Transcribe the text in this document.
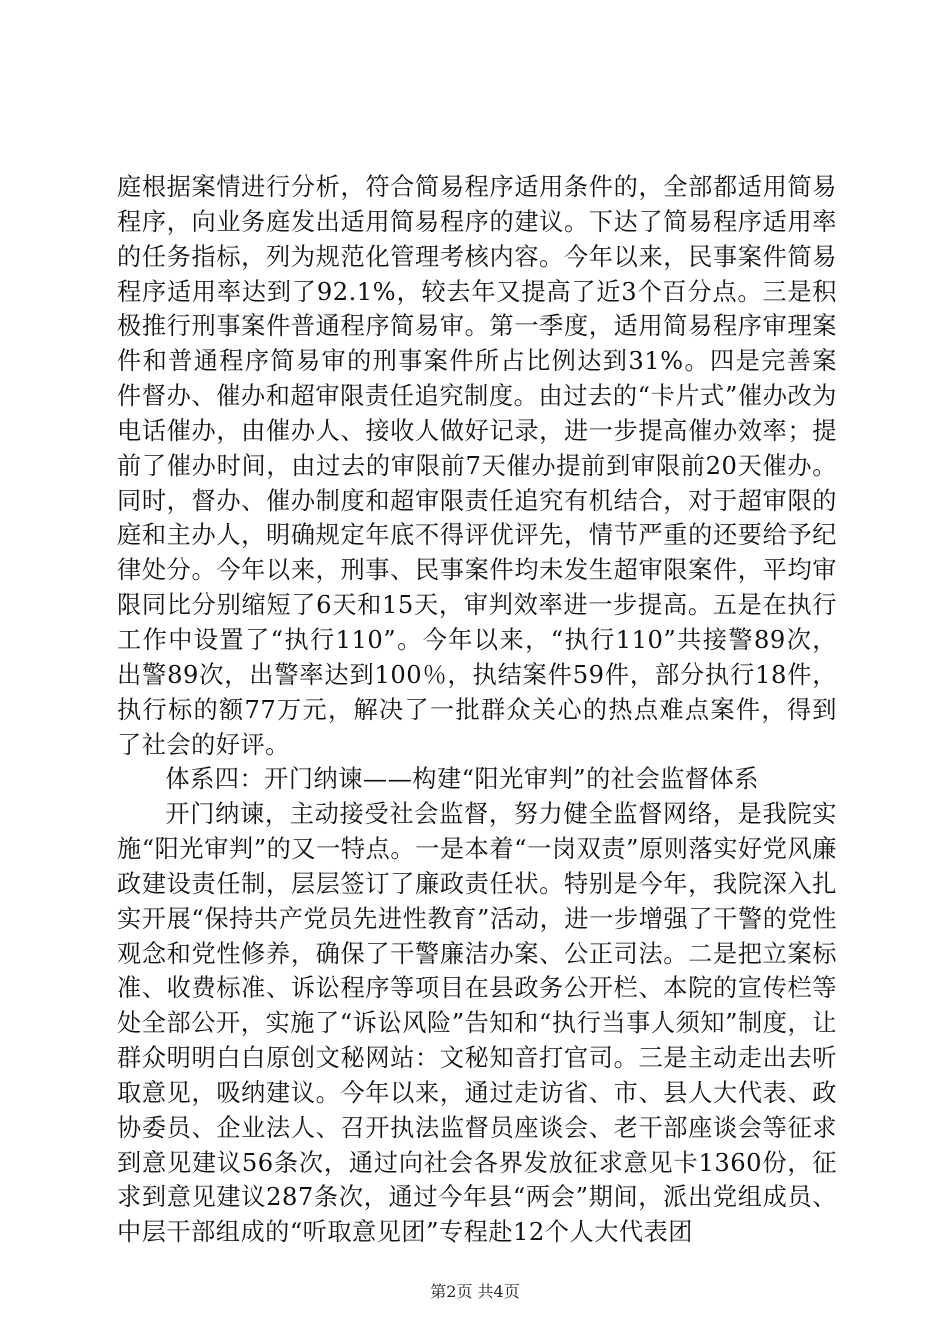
庭根据案情进行分析，符合简易程序适用条件的，全部都适用简易程序，向业务庭发出适用简易程序的建议。下达了简易程序适用率的任务指标，列为规范化管理考核内容。今年以来，民事案件简易程序适用率达到了92.1%，较去年又提高了近3个百分点。三是积极推行刑事案件普通程序简易审。第一季度，适用简易程序审理案件和普通程序简易审的刑事案件所占比例达到31%。四是完善案件督办、催办和超审限责任追究制度。由过去的“卡片式”催办改为电话催办，由催办人、接收人做好记录，进一步提高催办效率；提前了催办时间，由过去的审限前7天催办提前到审限前20天催办。同时，督办、催办制度和超审限责任追究有机结合，对于超审限的庭和主办人，明确规定年底不得评优评先，情节严重的还要给予纪律处分。今年以来，刑事、民事案件均未发生超审限案件，平均审限同比分别缩短了6天和15天，审判效率进一步提高。五是在执行工作中设置了“执行110”。今年以来，“执行110”共接警89次，出警89次，出警率达到100％，执结案件59件，部分执行18件，执行标的额77万元，解决了一批群众关心的热点难点案件，得到了社会的好评。

体系四：开门纳谏——构建“阳光审判”的社会监督体系

开门纳谏，主动接受社会监督，努力健全监督网络，是我院实施“阳光审判”的又一特点。一是本着“一岗双责”原则落实好党风廉政建设责任制，层层签订了廉政责任状。特别是今年，我院深入扎实开展“保持共产党员先进性教育”活动，进一步增强了干警的党性观念和党性修养，确保了干警廉洁办案、公正司法。二是把立案标准、收费标准、诉讼程序等项目在县政务公开栏、本院的宣传栏等处全部公开，实施了“诉讼风险”告知和“执行当事人须知”制度，让群众明明白白原创文秘网站：文秘知音打官司。三是主动走出去听取意见，吸纳建议。今年以来，通过走访省、市、县人大代表、政协委员、企业法人、召开执法监督员座谈会、老干部座谈会等征求到意见建议56条次，通过向社会各界发放征求意见卡1360份，征求到意见建议287条次，通过今年县“两会”期间，派出党组成员、中层干部组成的“听取意见团”专程赴12个人大代表团

第2页 共4页
